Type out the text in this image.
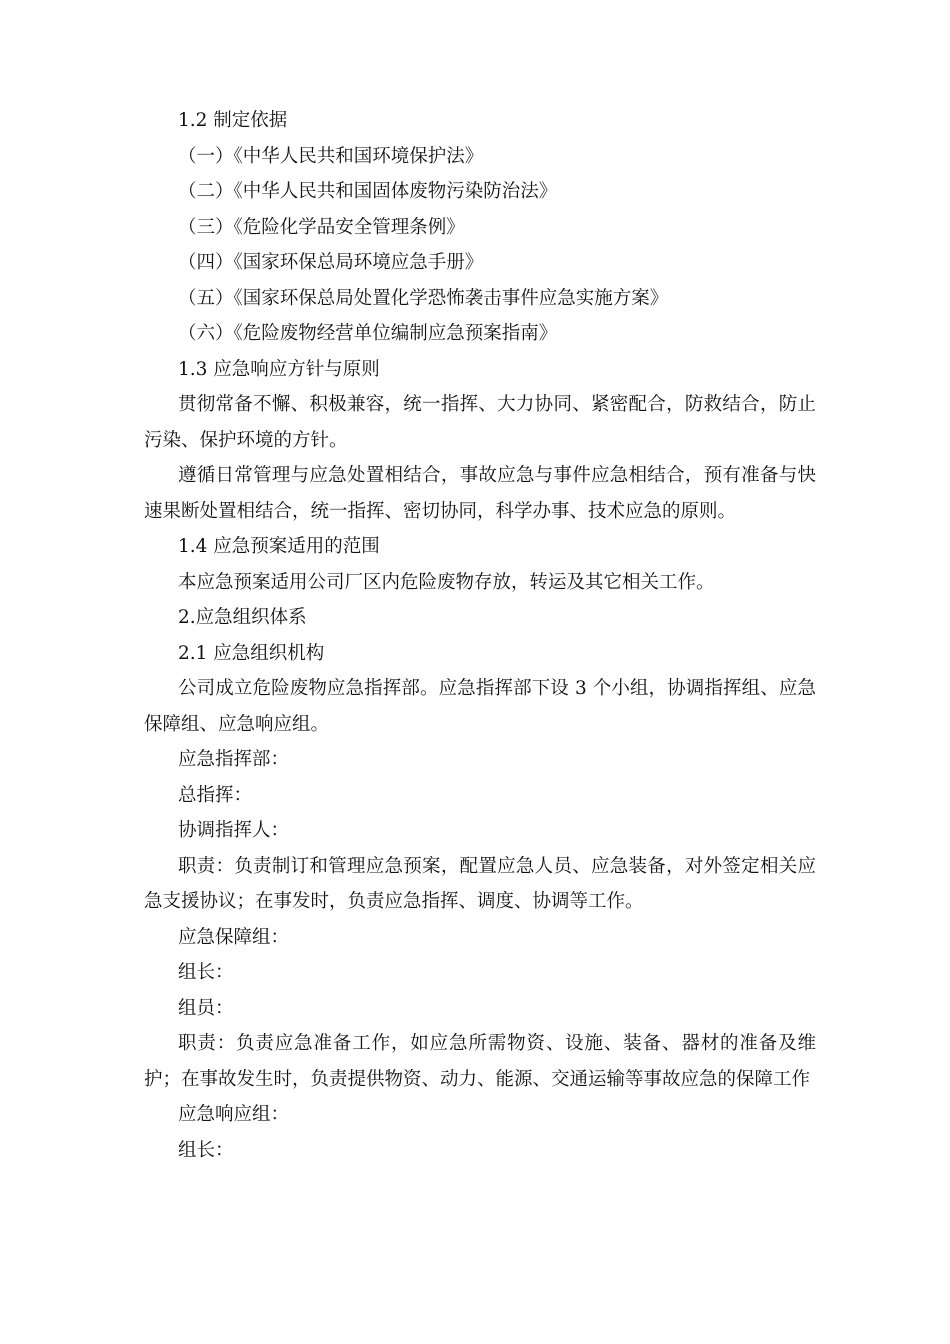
1.2 制定依据

（一）《中华人民共和国环境保护法》

（二）《中华人民共和国固体废物污染防治法》

（三）《危险化学品安全管理条例》

（四）《国家环保总局环境应急手册》

（五）《国家环保总局处置化学恐怖袭击事件应急实施方案》

（六）《危险废物经营单位编制应急预案指南》

1.3 应急响应方针与原则

贯彻常备不懈、积极兼容，统一指挥、大力协同、紧密配合，防救结合，防止污染、保护环境的方针。

遵循日常管理与应急处置相结合，事故应急与事件应急相结合，预有准备与快速果断处置相结合，统一指挥、密切协同，科学办事、技术应急的原则。

1.4 应急预案适用的范围

本应急预案适用公司厂区内危险废物存放，转运及其它相关工作。

2.应急组织体系

2.1 应急组织机构

公司成立危险废物应急指挥部。应急指挥部下设 3 个小组，协调指挥组、应急保障组、应急响应组。

应急指挥部：

总指挥：

协调指挥人：

职责：负责制订和管理应急预案，配置应急人员、应急装备，对外签定相关应急支援协议；在事发时，负责应急指挥、调度、协调等工作。

应急保障组：

组长：

组员：

职责：负责应急准备工作，如应急所需物资、设施、装备、器材的准备及维护；在事故发生时，负责提供物资、动力、能源、交通运输等事故应急的保障工作

应急响应组：

组长：
